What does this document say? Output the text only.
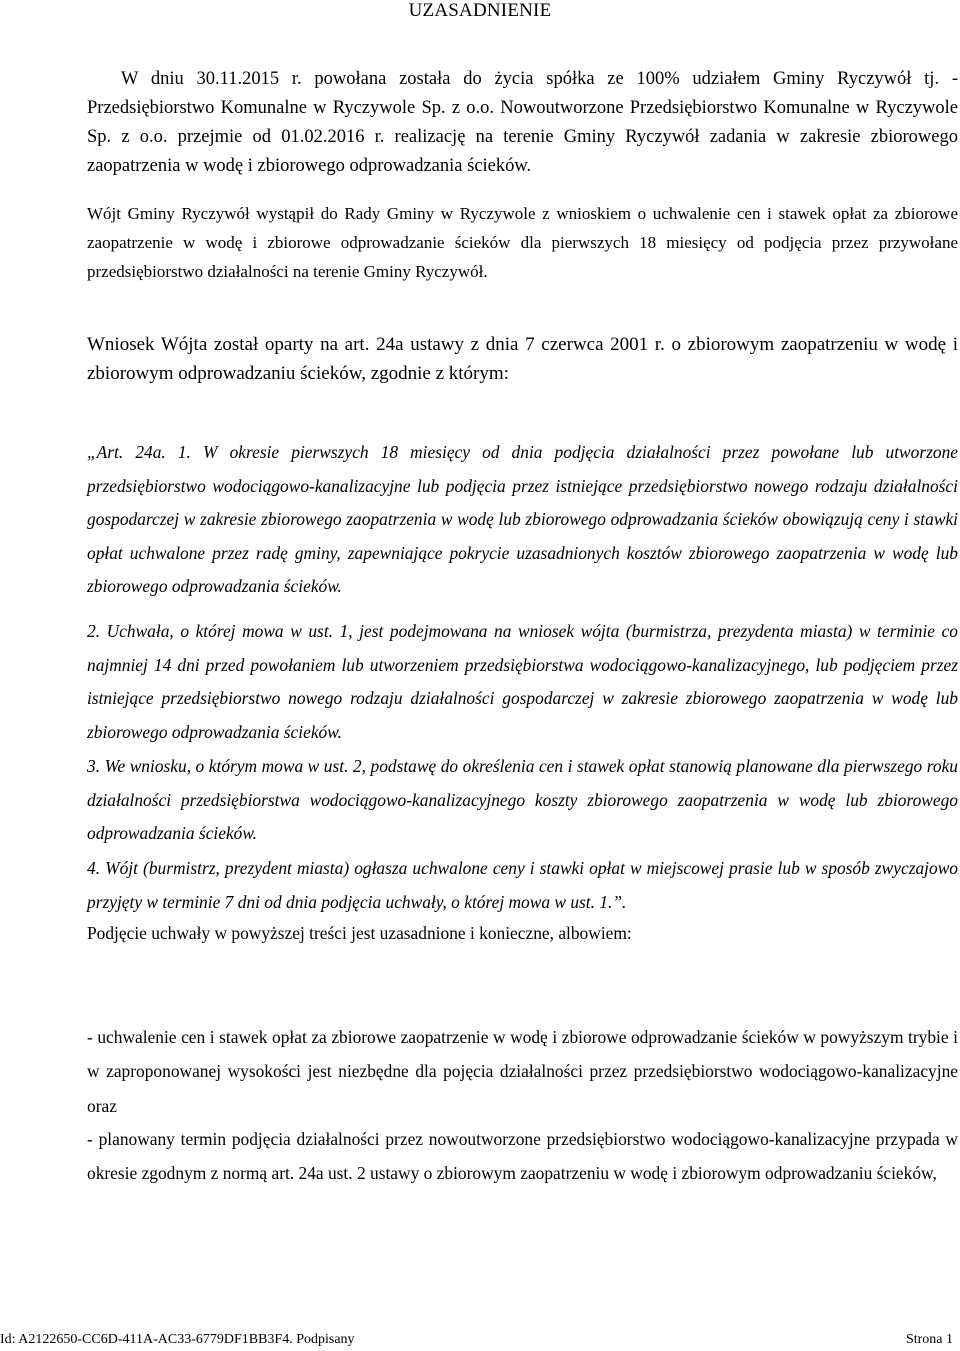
UZASADNIENIE

W dniu 30.11.2015 r. powołana została do życia spółka ze 100% udziałem Gminy Ryczywół tj. - Przedsiębiorstwo Komunalne w Ryczywole Sp. z o.o. Nowoutworzone Przedsiębiorstwo Komunalne w Ryczywole Sp. z o.o. przejmie od 01.02.2016 r. realizację na terenie Gminy Ryczywół zadania w zakresie zbiorowego zaopatrzenia w wodę i zbiorowego odprowadzania ścieków.

Wójt Gminy Ryczywół wystąpił do Rady Gminy w Ryczywole z wnioskiem o uchwalenie cen i stawek opłat za zbiorowe zaopatrzenie w wodę i zbiorowe odprowadzanie ścieków dla pierwszych 18 miesięcy od podjęcia przez przywołane przedsiębiorstwo działalności na terenie Gminy Ryczywół.

Wniosek Wójta został oparty na art. 24a ustawy z dnia 7 czerwca 2001 r. o zbiorowym zaopatrzeniu w wodę i zbiorowym odprowadzaniu ścieków, zgodnie z którym:

„Art. 24a. 1. W okresie pierwszych 18 miesięcy od dnia podjęcia działalności przez powołane lub utworzone przedsiębiorstwo wodociągowo-kanalizacyjne lub podjęcia przez istniejące przedsiębiorstwo nowego rodzaju działalności gospodarczej w zakresie zbiorowego zaopatrzenia w wodę lub zbiorowego odprowadzania ścieków obowiązują ceny i stawki opłat uchwalone przez radę gminy, zapewniające pokrycie uzasadnionych kosztów zbiorowego zaopatrzenia w wodę lub zbiorowego odprowadzania ścieków.

2. Uchwała, o której mowa w ust. 1, jest podejmowana na wniosek wójta (burmistrza, prezydenta miasta) w terminie co najmniej 14 dni przed powołaniem lub utworzeniem przedsiębiorstwa wodociągowo-kanalizacyjnego, lub podjęciem przez istniejące przedsiębiorstwo nowego rodzaju działalności gospodarczej w zakresie zbiorowego zaopatrzenia w wodę lub zbiorowego odprowadzania ścieków.

3. We wniosku, o którym mowa w ust. 2, podstawę do określenia cen i stawek opłat stanowią planowane dla pierwszego roku działalności przedsiębiorstwa wodociągowo-kanalizacyjnego koszty zbiorowego zaopatrzenia w wodę lub zbiorowego odprowadzania ścieków.

4. Wójt (burmistrz, prezydent miasta) ogłasza uchwalone ceny i stawki opłat w miejscowej prasie lub w sposób zwyczajowo przyjęty w terminie 7 dni od dnia podjęcia uchwały, o której mowa w ust. 1.”.

Podjęcie uchwały w powyższej treści jest uzasadnione i konieczne, albowiem:

- uchwalenie cen i stawek opłat za zbiorowe zaopatrzenie w wodę i zbiorowe odprowadzanie ścieków w powyższym trybie i w zaproponowanej wysokości jest niezbędne dla pojęcia działalności przez przedsiębiorstwo wodociągowo-kanalizacyjne oraz

- planowany termin podjęcia działalności przez nowoutworzone przedsiębiorstwo wodociągowo-kanalizacyjne przypada w okresie zgodnym z normą art. 24a ust. 2 ustawy o zbiorowym zaopatrzeniu w wodę i zbiorowym odprowadzaniu ścieków,

Id: A2122650-CC6D-411A-AC33-6779DF1BB3F4. Podpisany	Strona 1
